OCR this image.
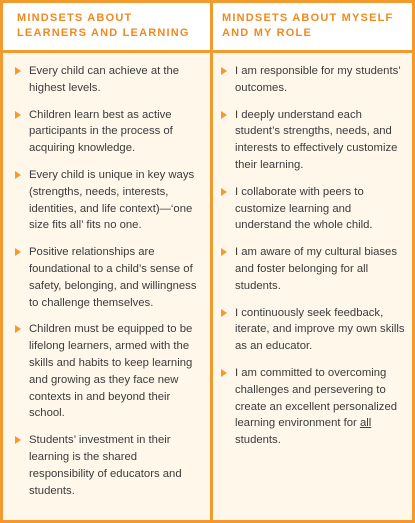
MINDSETS ABOUT LEARNERS AND LEARNING
MINDSETS ABOUT MYSELF AND MY ROLE
Every child can achieve at the highest levels.
Children learn best as active participants in the process of acquiring knowledge.
Every child is unique in key ways (strengths, needs, interests, identities, and life context)—‘one size fits all’ fits no one.
Positive relationships are foundational to a child’s sense of safety, belonging, and willingness to challenge themselves.
Children must be equipped to be lifelong learners, armed with the skills and habits to keep learning and growing as they face new contexts in and beyond their school.
Students’ investment in their learning is the shared responsibility of educators and students.
I am responsible for my students’ outcomes.
I deeply understand each student’s strengths, needs, and interests to effectively customize their learning.
I collaborate with peers to customize learning and understand the whole child.
I am aware of my cultural biases and foster belonging for all students.
I continuously seek feedback, iterate, and improve my own skills as an educator.
I am committed to overcoming challenges and persevering to create an excellent personalized learning environment for all students.
